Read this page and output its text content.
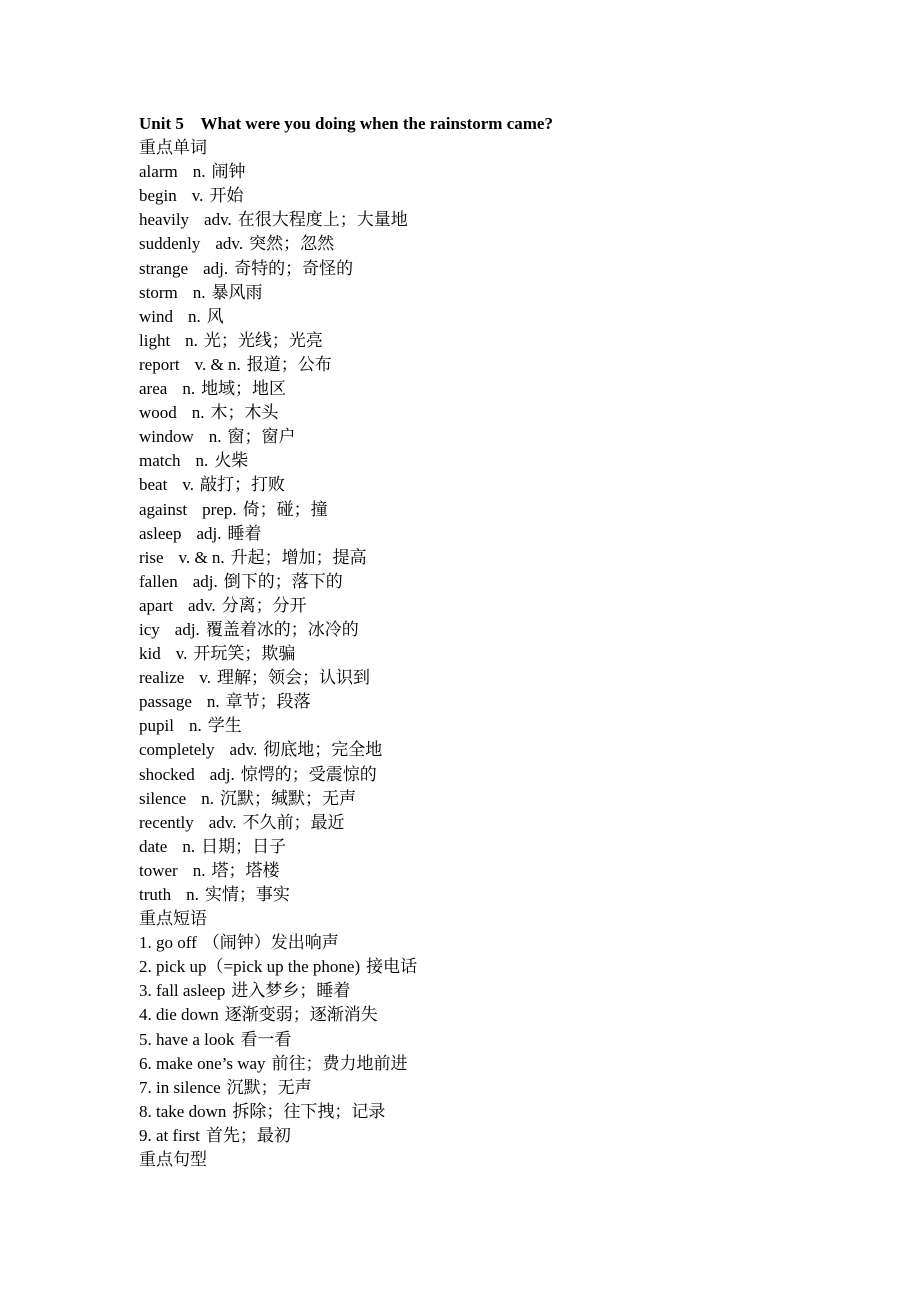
Unit 5    What were you doing when the rainstorm came?
重点单词
alarm n. 闹钟
begin v. 开始
heavily adv. 在很大程度上；大量地
suddenly adv. 突然；忽然
strange adj. 奇特的；奇怪的
storm n. 暴风雨
wind n. 风
light n. 光；光线；光亮
report v. & n. 报道；公布
area n. 地域；地区
wood n. 木；木头
window n. 窗；窗户
match n. 火柴
beat v. 敲打；打败
against prep. 倚；碰；撞
asleep adj. 睡着
rise v. & n. 升起；增加；提高
fallen adj. 倒下的；落下的
apart adv. 分离；分开
icy adj. 覆盖着冰的；冰冷的
kid v. 开玩笑；欺骗
realize v. 理解；领会；认识到
passage n. 章节；段落
pupil n. 学生
completely adv. 彻底地；完全地
shocked adj. 惊愕的；受震惊的
silence n. 沉默；缄默；无声
recently adv. 不久前；最近
date n. 日期；日子
tower n. 塔；塔楼
truth n. 实情；事实
重点短语
1. go off （闹钟）发出响声
2. pick up（=pick up the phone) 接电话
3. fall asleep 进入梦乡；睡着
4. die down 逐渐变弱；逐渐消失
5. have a look 看一看
6. make one’s way 前往；费力地前进
7. in silence 沉默；无声
8. take down 拆除；往下拽；记录
9. at first 首先；最初
重点句型
